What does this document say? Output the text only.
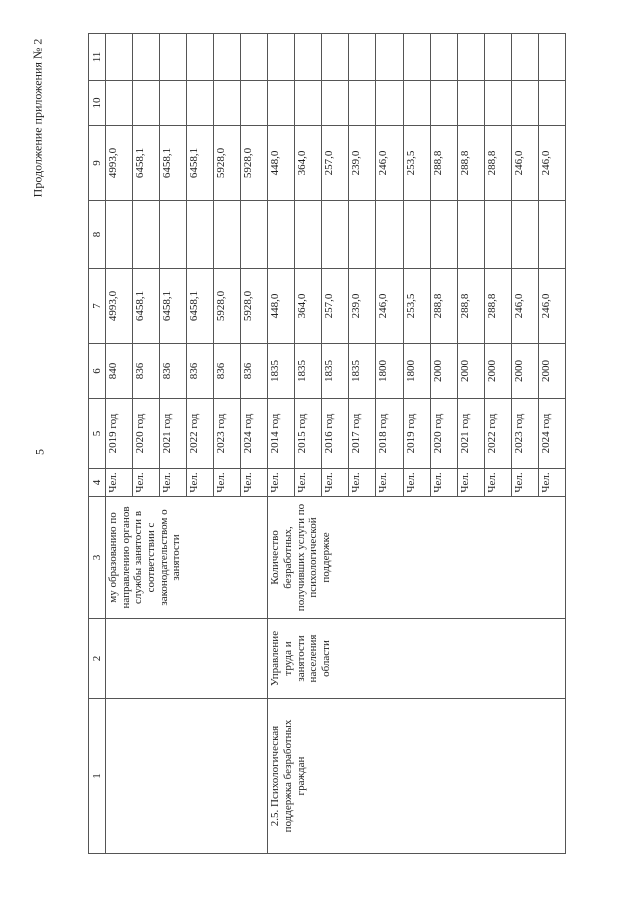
5
Продолжение приложения № 2
1	2	3	4	5	6	7	8	9	10	11
		му образованию по направлению органов службы занятости в соответствии с законодательством о занятости	Чел.	2019 год	840	4993,0		4993,0		
			Чел.	2020 год	836	6458,1		6458,1		
			Чел.	2021 год	836	6458,1		6458,1		
			Чел.	2022 год	836	6458,1		6458,1		
			Чел.	2023 год	836	5928,0		5928,0		
			Чел.	2024 год	836	5928,0		5928,0		
2.5. Психологическая поддержка безработных граждан	Управление труда и занятости населения области	Количество безработных, получивших услуги по психологической поддержке	Чел.	2014 год	1835	448,0		448,0		
			Чел.	2015 год	1835	364,0		364,0		
			Чел.	2016 год	1835	257,0		257,0		
			Чел.	2017 год	1835	239,0		239,0		
			Чел.	2018 год	1800	246,0		246,0		
			Чел.	2019 год	1800	253,5		253,5		
			Чел.	2020 год	2000	288,8		288,8		
			Чел.	2021 год	2000	288,8		288,8		
			Чел.	2022 год	2000	288,8		288,8		
			Чел.	2023 год	2000	246,0		246,0		
			Чел.	2024 год	2000	246,0		246,0		
